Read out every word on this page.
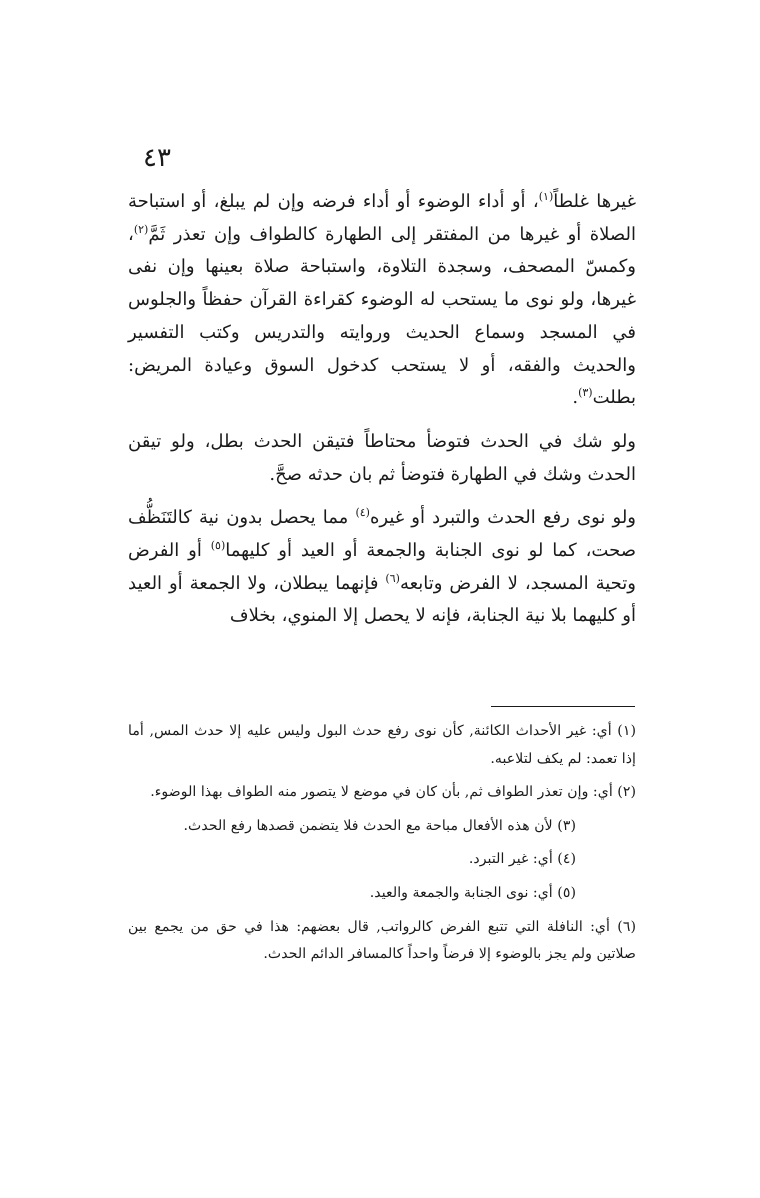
٤٣

غيرها غلطاً$^{(١)}$، أو أداء الوضوء أو أداء فرضه وإن لم يبلغ، أو استباحة الصلاة أو غيرها من المفتقر إلى الطهارة كالطواف وإن تعذر ثَمَّ$^{(٢)}$، وكمسّ المصحف، وسجدة التلاوة، واستباحة صلاة بعينها وإن نفى غيرها، ولو نوى ما يستحب له الوضوء كقراءة القرآن حفظاً والجلوس في المسجد وسماع الحديث وروايته والتدريس وكتب التفسير والحديث والفقه، أو لا يستحب كدخول السوق وعيادة المريض: بطلت$^{(٣)}$.

ولو شك في الحدث فتوضأ محتاطاً فتيقن الحدث بطل، ولو تيقن الحدث وشك في الطهارة فتوضأ ثم بان حدثه صحَّ.

ولو نوى رفع الحدث والتبرد أو غيره$^{(٤)}$ مما يحصل بدون نية كالتَنَظُّف صحت، كما لو نوى الجنابة والجمعة أو العيد أو كليهما$^{(٥)}$ أو الفرض وتحية المسجد، لا الفرض وتابعه$^{(٦)}$ فإنهما يبطلان، ولا الجمعة أو العيد أو كليهما بلا نية الجنابة، فإنه لا يحصل إلا المنوي، بخلاف

(١) أي: غير الأحداث الكائنة, كأن نوى رفع حدث البول وليس عليه إلا حدث المس, أما إذا تعمد: لم يكف لتلاعبه.

(٢) أي: وإن تعذر الطواف ثم, بأن كان في موضع لا يتصور منه الطواف بهذا الوضوء.

(٣) لأن هذه الأفعال مباحة مع الحدث فلا يتضمن قصدها رفع الحدث.

(٤) أي: غير التبرد.

(٥) أي: نوى الجنابة والجمعة والعيد.

(٦) أي: النافلة التي تتبع الفرض كالرواتب, قال بعضهم: هذا في حق من يجمع بين صلاتين ولم يجز بالوضوء إلا فرضاً واحداً كالمسافر الدائم الحدث.
